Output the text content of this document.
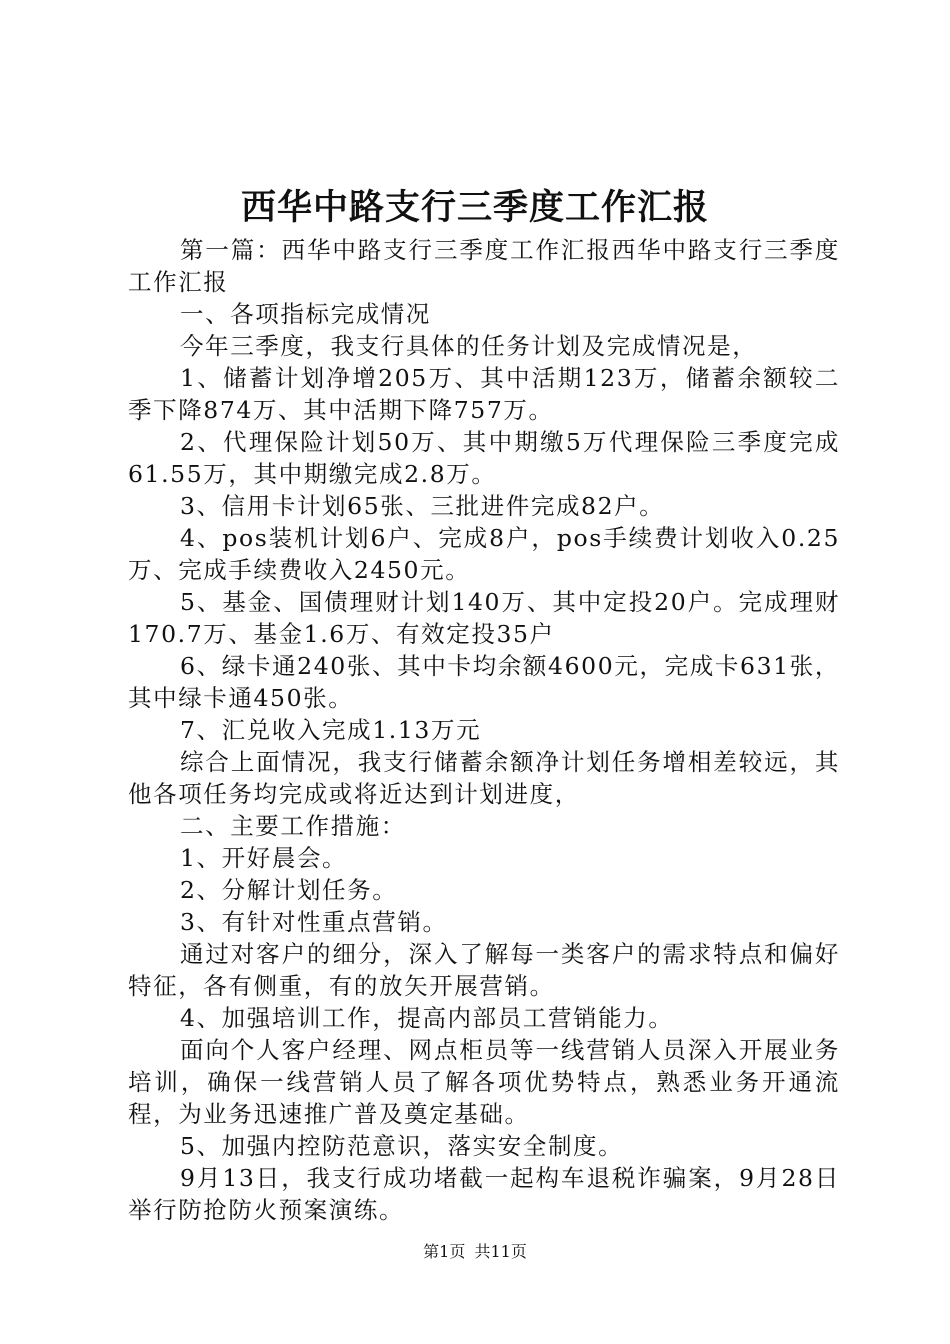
西华中路支行三季度工作汇报

第一篇：西华中路支行三季度工作汇报西华中路支行三季度工作汇报

一、各项指标完成情况

今年三季度，我支行具体的任务计划及完成情况是，

1、储蓄计划净增205万、其中活期123万，储蓄余额较二季下降874万、其中活期下降757万。

2、代理保险计划50万、其中期缴5万代理保险三季度完成61.55万，其中期缴完成2.8万。

3、信用卡计划65张、三批进件完成82户。

4、pos装机计划6户、完成8户，pos手续费计划收入0.25万、完成手续费收入2450元。

5、基金、国债理财计划140万、其中定投20户。完成理财170.7万、基金1.6万、有效定投35户

6、绿卡通240张、其中卡均余额4600元，完成卡631张，其中绿卡通450张。

7、汇兑收入完成1.13万元

综合上面情况，我支行储蓄余额净计划任务增相差较远，其他各项任务均完成或将近达到计划进度，

二、主要工作措施：

1、开好晨会。

2、分解计划任务。

3、有针对性重点营销。

通过对客户的细分，深入了解每一类客户的需求特点和偏好特征，各有侧重，有的放矢开展营销。

4、加强培训工作，提高内部员工营销能力。

面向个人客户经理、网点柜员等一线营销人员深入开展业务培训，确保一线营销人员了解各项优势特点，熟悉业务开通流程，为业务迅速推广普及奠定基础。

5、加强内控防范意识，落实安全制度。

9月13日，我支行成功堵截一起构车退税诈骗案，9月28日举行防抢防火预案演练。

第1页 共11页
